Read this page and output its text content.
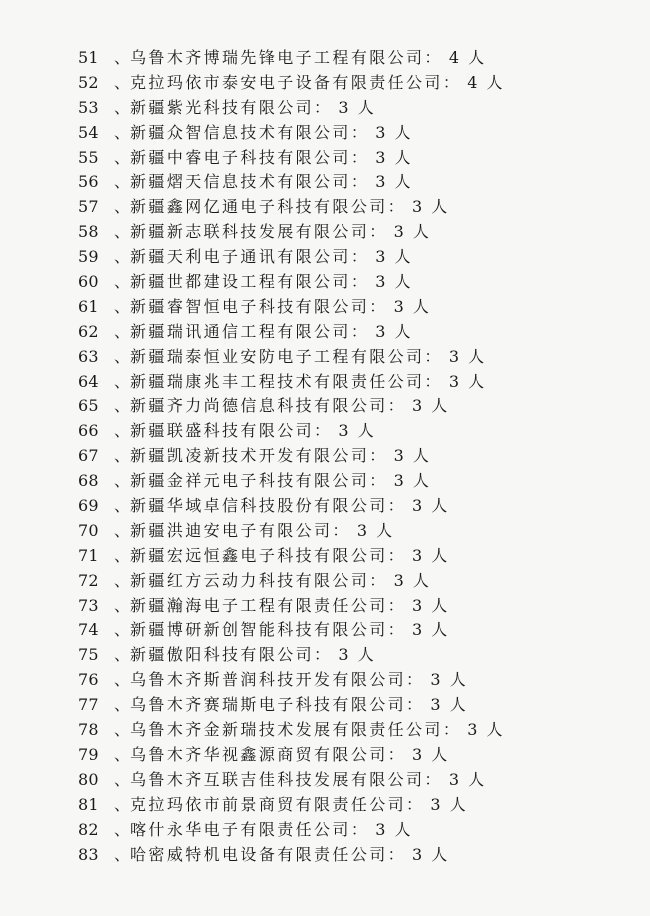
51 、 乌鲁木齐博瑞先锋电子工程有限公司： 4 人
52 、 克拉玛依市泰安电子设备有限责任公司： 4 人
53 、 新疆紫光科技有限公司： 3 人
54 、 新疆众智信息技术有限公司： 3 人
55 、 新疆中睿电子科技有限公司： 3 人
56 、 新疆熠天信息技术有限公司： 3 人
57 、 新疆鑫网亿通电子科技有限公司： 3 人
58 、 新疆新志联科技发展有限公司： 3 人
59 、 新疆天利电子通讯有限公司： 3 人
60 、 新疆世都建设工程有限公司： 3 人
61 、 新疆睿智恒电子科技有限公司： 3 人
62 、 新疆瑞讯通信工程有限公司： 3 人
63 、 新疆瑞泰恒业安防电子工程有限公司： 3 人
64 、 新疆瑞康兆丰工程技术有限责任公司： 3 人
65 、 新疆齐力尚德信息科技有限公司： 3 人
66 、 新疆联盛科技有限公司： 3 人
67 、 新疆凯凌新技术开发有限公司： 3 人
68 、 新疆金祥元电子科技有限公司： 3 人
69 、 新疆华域卓信科技股份有限公司： 3 人
70 、 新疆洪迪安电子有限公司： 3 人
71 、 新疆宏远恒鑫电子科技有限公司： 3 人
72 、 新疆红方云动力科技有限公司： 3 人
73 、 新疆瀚海电子工程有限责任公司： 3 人
74 、 新疆博研新创智能科技有限公司： 3 人
75 、 新疆傲阳科技有限公司： 3 人
76 、 乌鲁木齐斯普润科技开发有限公司： 3 人
77 、 乌鲁木齐赛瑞斯电子科技有限公司： 3 人
78 、 乌鲁木齐金新瑞技术发展有限责任公司： 3 人
79 、 乌鲁木齐华视鑫源商贸有限公司： 3 人
80 、 乌鲁木齐互联吉佳科技发展有限公司： 3 人
81 、 克拉玛依市前景商贸有限责任公司： 3 人
82 、 喀什永华电子有限责任公司： 3 人
83 、 哈密威特机电设备有限责任公司： 3 人
